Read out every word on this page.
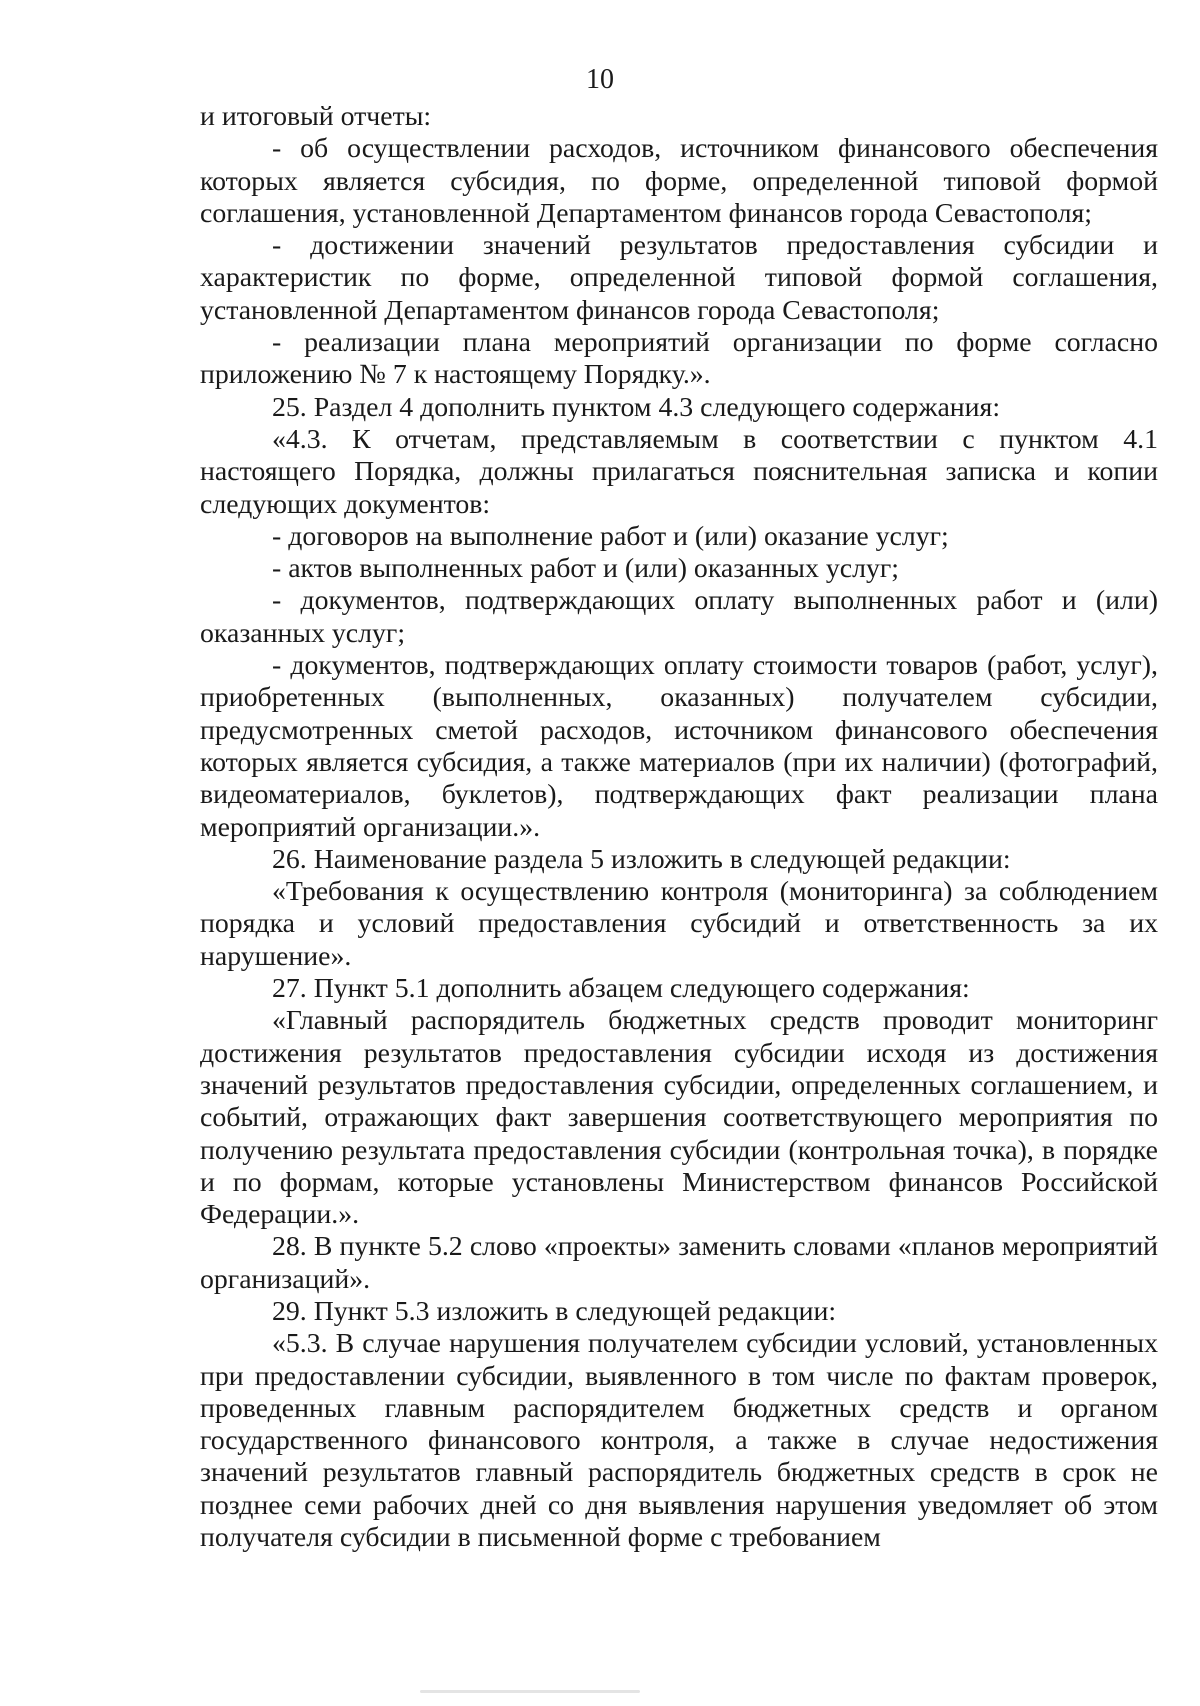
10

и итоговый отчеты:

- об осуществлении расходов, источником финансового обеспечения которых является субсидия, по форме, определенной типовой формой соглашения, установленной Департаментом финансов города Севастополя;

- достижении значений результатов предоставления субсидии и характеристик по форме, определенной типовой формой соглашения, установленной Департаментом финансов города Севастополя;

- реализации плана мероприятий организации по форме согласно приложению № 7 к настоящему Порядку.».

25. Раздел 4 дополнить пунктом 4.3 следующего содержания:

«4.3. К отчетам, представляемым в соответствии с пунктом 4.1 настоящего Порядка, должны прилагаться пояснительная записка и копии следующих документов:

- договоров на выполнение работ и (или) оказание услуг;

- актов выполненных работ и (или) оказанных услуг;

- документов, подтверждающих оплату выполненных работ и (или) оказанных услуг;

- документов, подтверждающих оплату стоимости товаров (работ, услуг), приобретенных (выполненных, оказанных) получателем субсидии, предусмотренных сметой расходов, источником финансового обеспечения которых является субсидия, а также материалов (при их наличии) (фотографий, видеоматериалов, буклетов), подтверждающих факт реализации плана мероприятий организации.».

26. Наименование раздела 5 изложить в следующей редакции:

«Требования к осуществлению контроля (мониторинга) за соблюдением порядка и условий предоставления субсидий и ответственность за их нарушение».

27. Пункт 5.1 дополнить абзацем следующего содержания:

«Главный распорядитель бюджетных средств проводит мониторинг достижения результатов предоставления субсидии исходя из достижения значений результатов предоставления субсидии, определенных соглашением, и событий, отражающих факт завершения соответствующего мероприятия по получению результата предоставления субсидии (контрольная точка), в порядке и по формам, которые установлены Министерством финансов Российской Федерации.».

28. В пункте 5.2 слово «проекты» заменить словами «планов мероприятий организаций».

29. Пункт 5.3 изложить в следующей редакции:

«5.3. В случае нарушения получателем субсидии условий, установленных при предоставлении субсидии, выявленного в том числе по фактам проверок, проведенных главным распорядителем бюджетных средств и органом государственного финансового контроля, а также в случае недостижения значений результатов главный распорядитель бюджетных средств в срок не позднее семи рабочих дней со дня выявления нарушения уведомляет об этом получателя субсидии в письменной форме с требованием
